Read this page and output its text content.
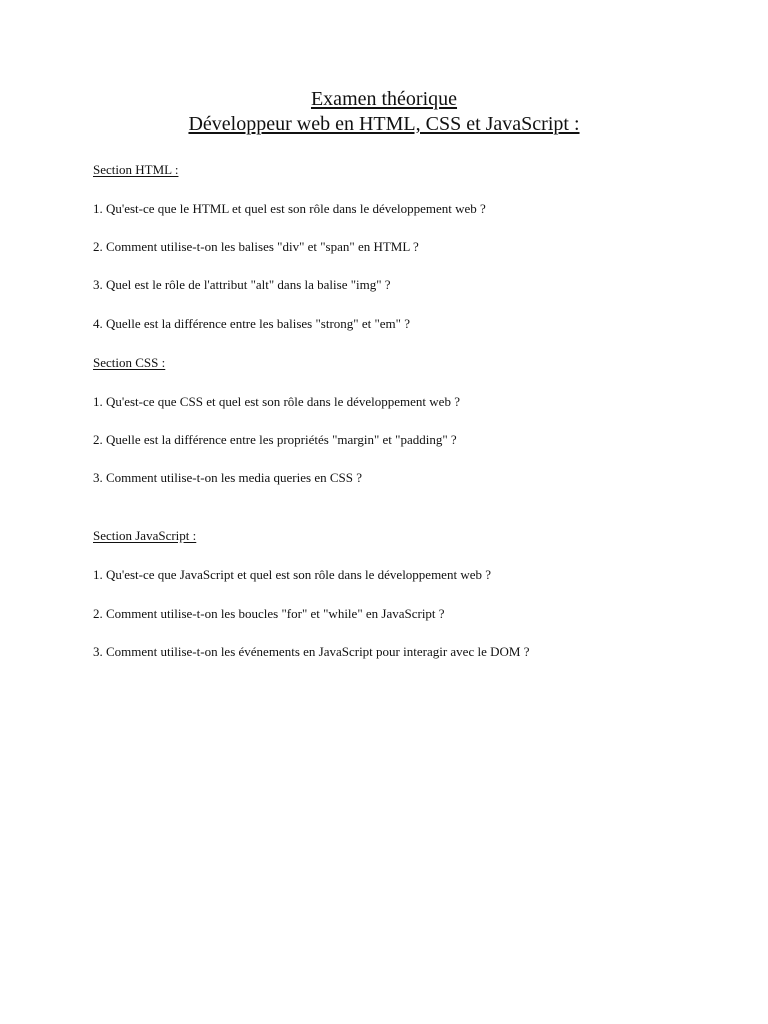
Examen théorique
Développeur web en HTML, CSS et JavaScript :
Section HTML :
1. Qu'est-ce que le HTML et quel est son rôle dans le développement web ?
2. Comment utilise-t-on les balises "div" et "span" en HTML ?
3. Quel est le rôle de l'attribut "alt" dans la balise "img" ?
4. Quelle est la différence entre les balises "strong" et "em" ?
Section CSS :
1. Qu'est-ce que CSS et quel est son rôle dans le développement web ?
2. Quelle est la différence entre les propriétés "margin" et "padding" ?
3. Comment utilise-t-on les media queries en CSS ?
Section JavaScript :
1. Qu'est-ce que JavaScript et quel est son rôle dans le développement web ?
2. Comment utilise-t-on les boucles "for" et "while" en JavaScript ?
3. Comment utilise-t-on les événements en JavaScript pour interagir avec le DOM ?
